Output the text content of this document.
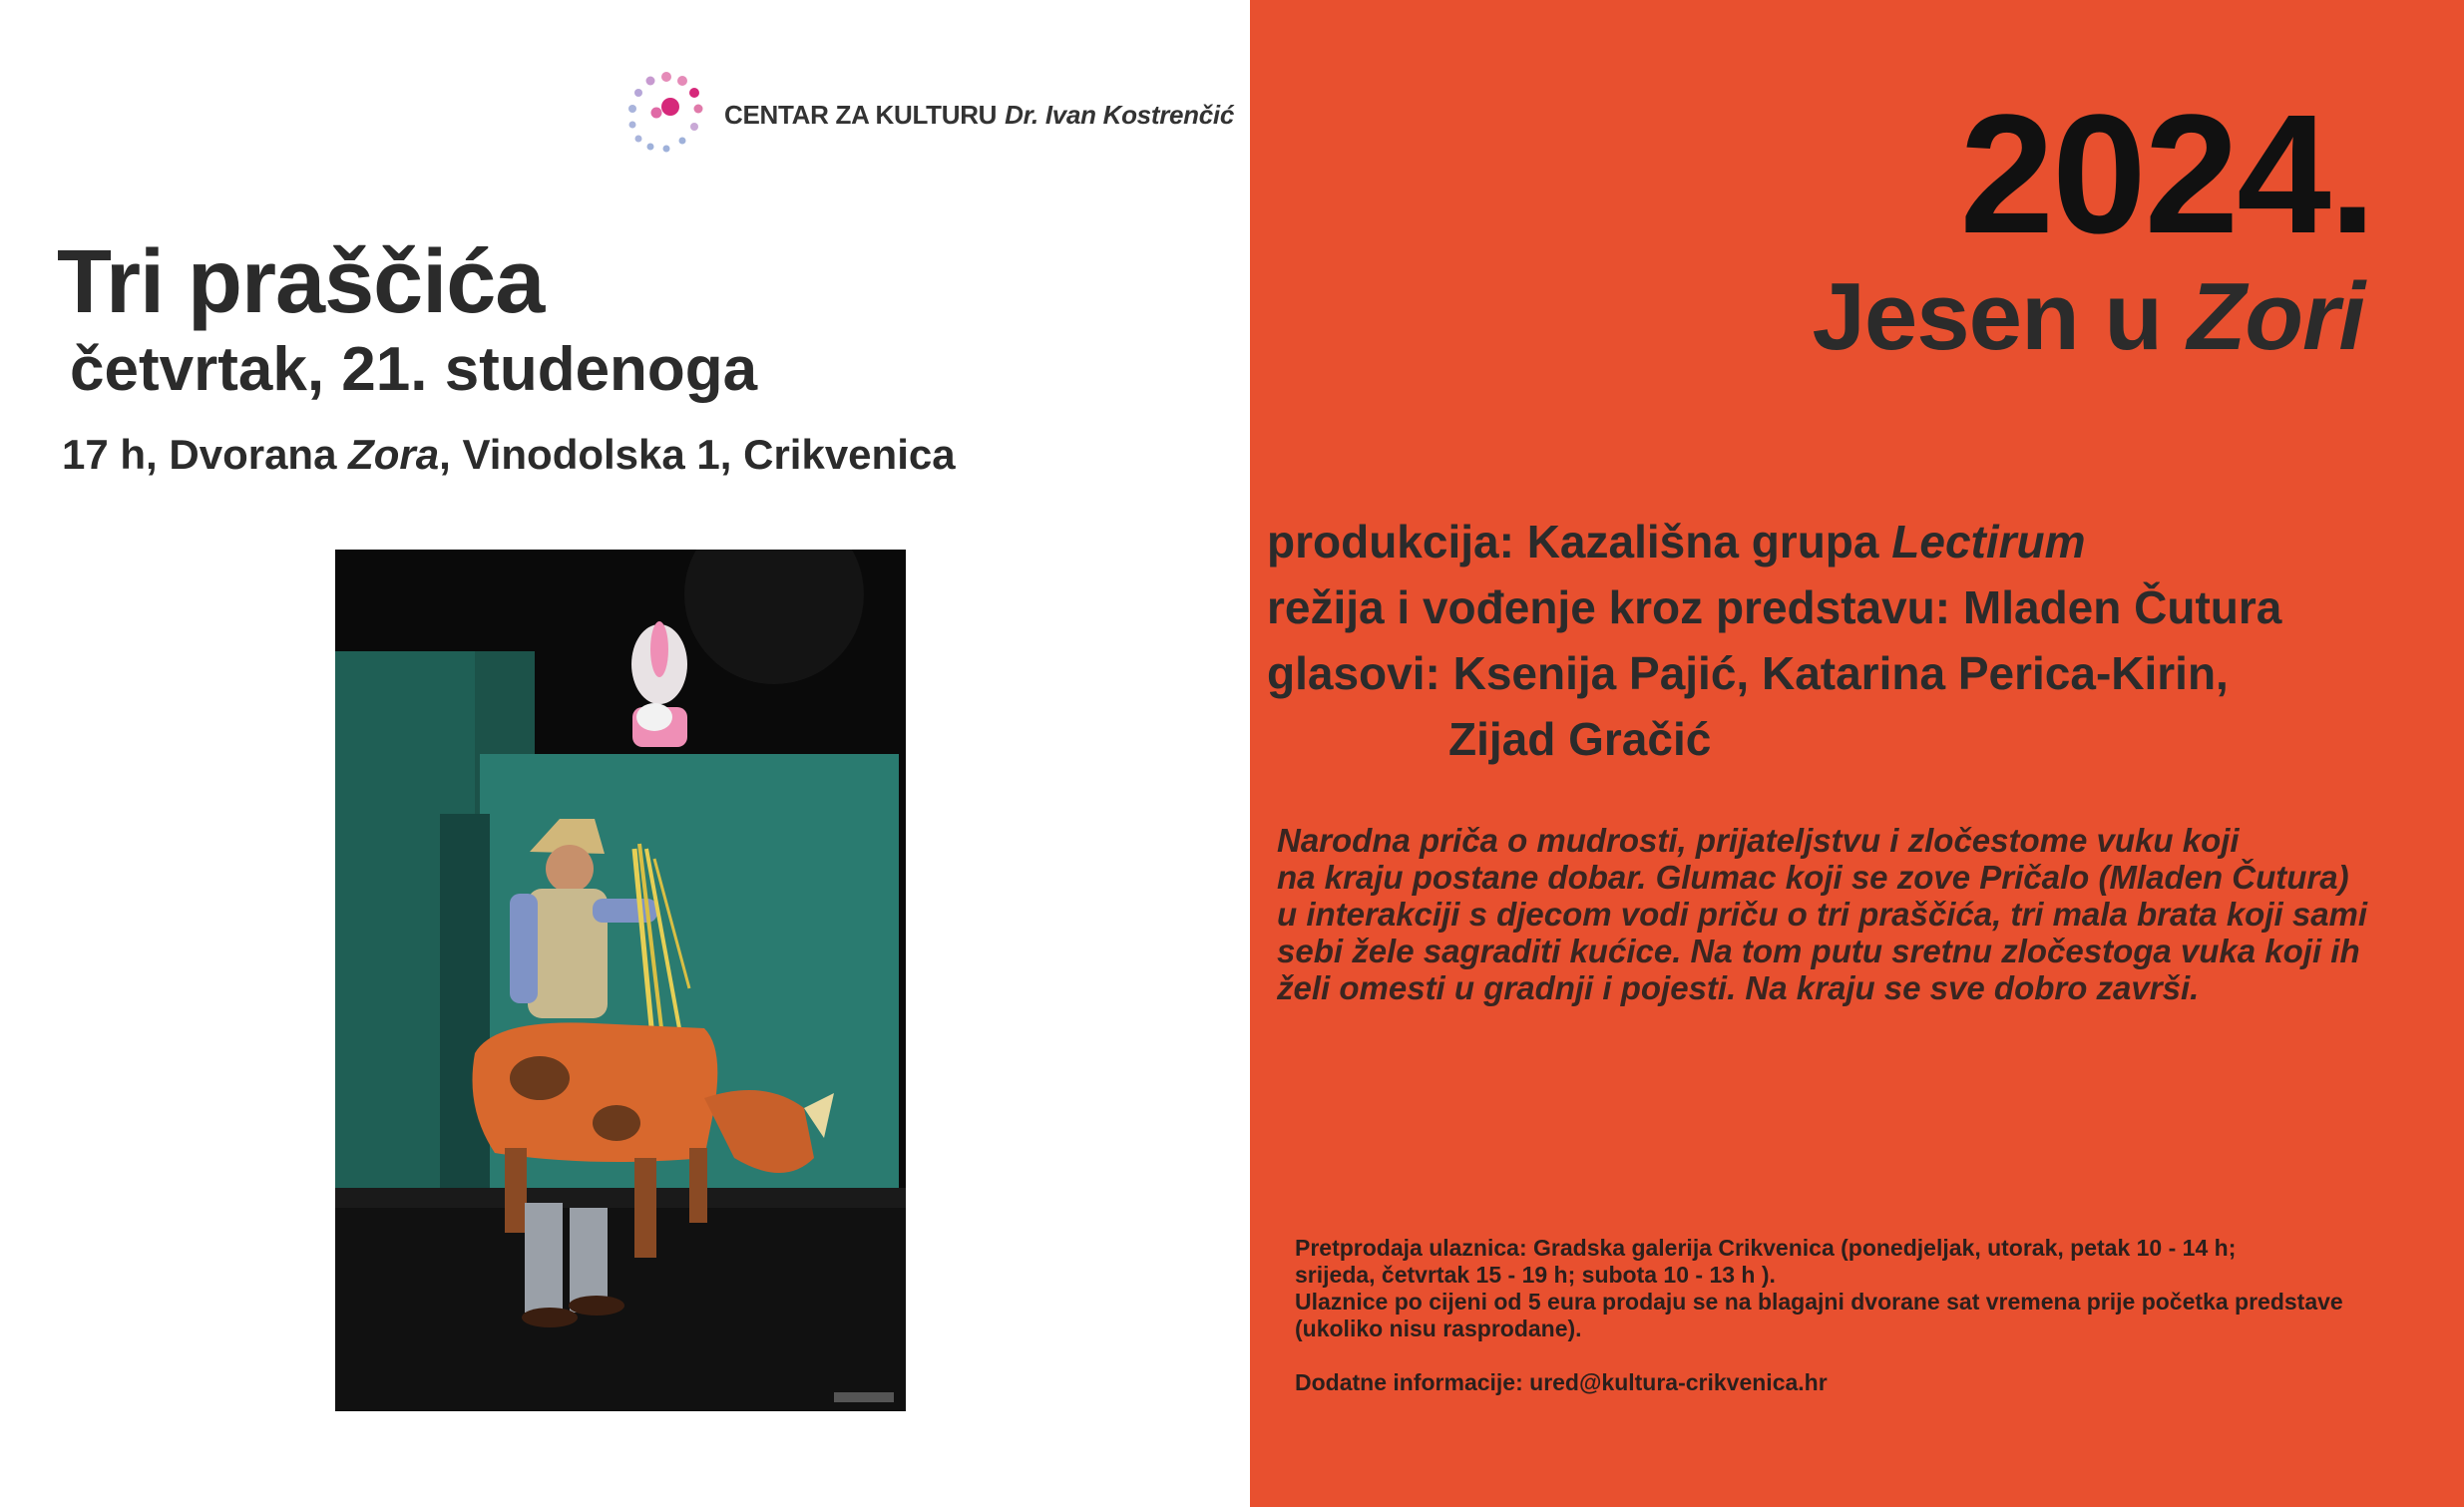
CENTAR ZA KULTURU Dr. Ivan Kostrenčić
Tri praščića
četvrtak, 21. studenoga
17 h, Dvorana Zora, Vinodolska 1, Crikvenica
2024.
Jesen u Zori
produkcija: Kazališna grupa Lectirum
režija i vođenje kroz predstavu: Mladen Čutura
glasovi: Ksenija Pajić, Katarina Perica-Kirin,
Zijad Gračić
Narodna priča o mudrosti, prijateljstvu i zločestome vuku koji
na kraju postane dobar. Glumac koji se zove Pričalo (Mladen Čutura)
u interakciji s djecom vodi priču o tri praščića, tri mala brata koji sami
sebi žele sagraditi kućice. Na tom putu sretnu zločestoga vuka koji ih
želi omesti u gradnji i pojesti. Na kraju se sve dobro završi.
Pretprodaja ulaznica: Gradska galerija Crikvenica (ponedjeljak, utorak, petak 10 - 14 h;
srijeda, četvrtak 15 - 19 h; subota 10 - 13 h ).
Ulaznice po cijeni od 5 eura prodaju se na blagajni dvorane sat vremena prije početka predstave
(ukoliko nisu rasprodane).
Dodatne informacije: ured@kultura-crikvenica.hr
